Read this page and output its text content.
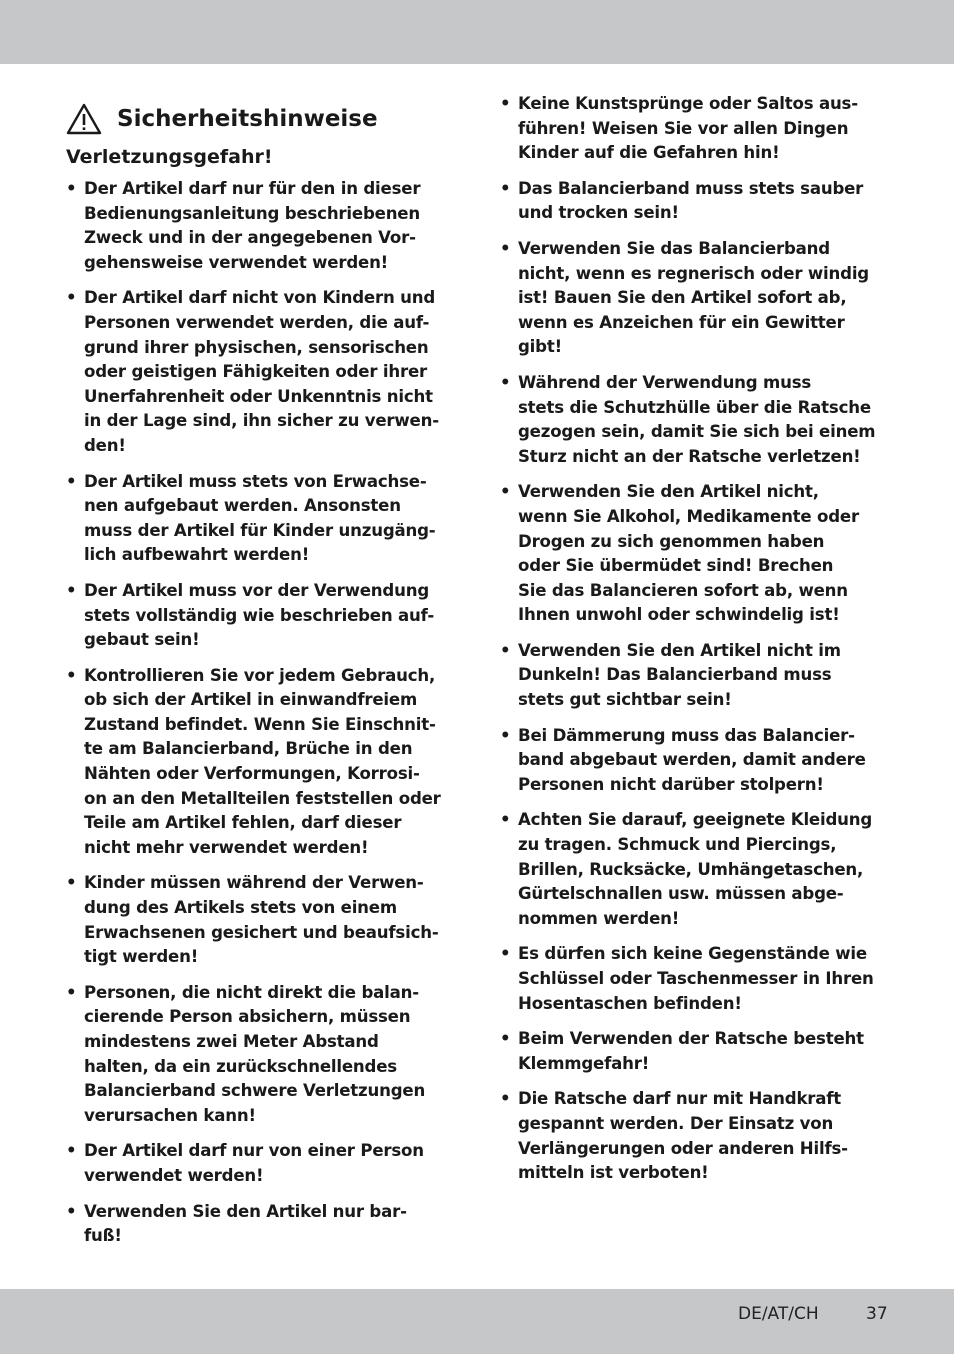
Sicherheitshinweise
Verletzungsgefahr!
• Der Artikel darf nur für den in dieser
Bedienungsanleitung beschriebenen
Zweck und in der angegebenen Vor-
gehensweise verwendet werden!
• Der Artikel darf nicht von Kindern und
Personen verwendet werden, die auf-
grund ihrer physischen, sensorischen
oder geistigen Fähigkeiten oder ihrer
Unerfahrenheit oder Unkenntnis nicht
in der Lage sind, ihn sicher zu verwen-
den!
• Der Artikel muss stets von Erwachse-
nen aufgebaut werden. Ansonsten
muss der Artikel für Kinder unzugäng-
lich aufbewahrt werden!
• Der Artikel muss vor der Verwendung
stets vollständig wie beschrieben auf-
gebaut sein!
• Kontrollieren Sie vor jedem Gebrauch,
ob sich der Artikel in einwandfreiem
Zustand befindet. Wenn Sie Einschnit-
te am Balancierband, Brüche in den
Nähten oder Verformungen, Korrosi-
on an den Metallteilen feststellen oder
Teile am Artikel fehlen, darf dieser
nicht mehr verwendet werden!
• Kinder müssen während der Verwen-
dung des Artikels stets von einem
Erwachsenen gesichert und beaufsich-
tigt werden!
• Personen, die nicht direkt die balan-
cierende Person absichern, müssen
mindestens zwei Meter Abstand
halten, da ein zurückschnellendes
Balancierband schwere Verletzungen
verursachen kann!
• Der Artikel darf nur von einer Person
verwendet werden!
• Verwenden Sie den Artikel nur bar-
fuß!
• Keine Kunstsprünge oder Saltos aus-
führen! Weisen Sie vor allen Dingen
Kinder auf die Gefahren hin!
• Das Balancierband muss stets sauber
und trocken sein!
• Verwenden Sie das Balancierband
nicht, wenn es regnerisch oder windig
ist! Bauen Sie den Artikel sofort ab,
wenn es Anzeichen für ein Gewitter
gibt!
• Während der Verwendung muss
stets die Schutzhülle über die Ratsche
gezogen sein, damit Sie sich bei einem
Sturz nicht an der Ratsche verletzen!
• Verwenden Sie den Artikel nicht,
wenn Sie Alkohol, Medikamente oder
Drogen zu sich genommen haben
oder Sie übermüdet sind! Brechen
Sie das Balancieren sofort ab, wenn
Ihnen unwohl oder schwindelig ist!
• Verwenden Sie den Artikel nicht im
Dunkeln! Das Balancierband muss
stets gut sichtbar sein!
• Bei Dämmerung muss das Balancier-
band abgebaut werden, damit andere
Personen nicht darüber stolpern!
• Achten Sie darauf, geeignete Kleidung
zu tragen. Schmuck und Piercings,
Brillen, Rucksäcke, Umhängetaschen,
Gürtelschnallen usw. müssen abge-
nommen werden!
• Es dürfen sich keine Gegenstände wie
Schlüssel oder Taschenmesser in Ihren
Hosentaschen befinden!
• Beim Verwenden der Ratsche besteht
Klemmgefahr!
• Die Ratsche darf nur mit Handkraft
gespannt werden. Der Einsatz von
Verlängerungen oder anderen Hilfs-
mitteln ist verboten!
DE/AT/CH	37
